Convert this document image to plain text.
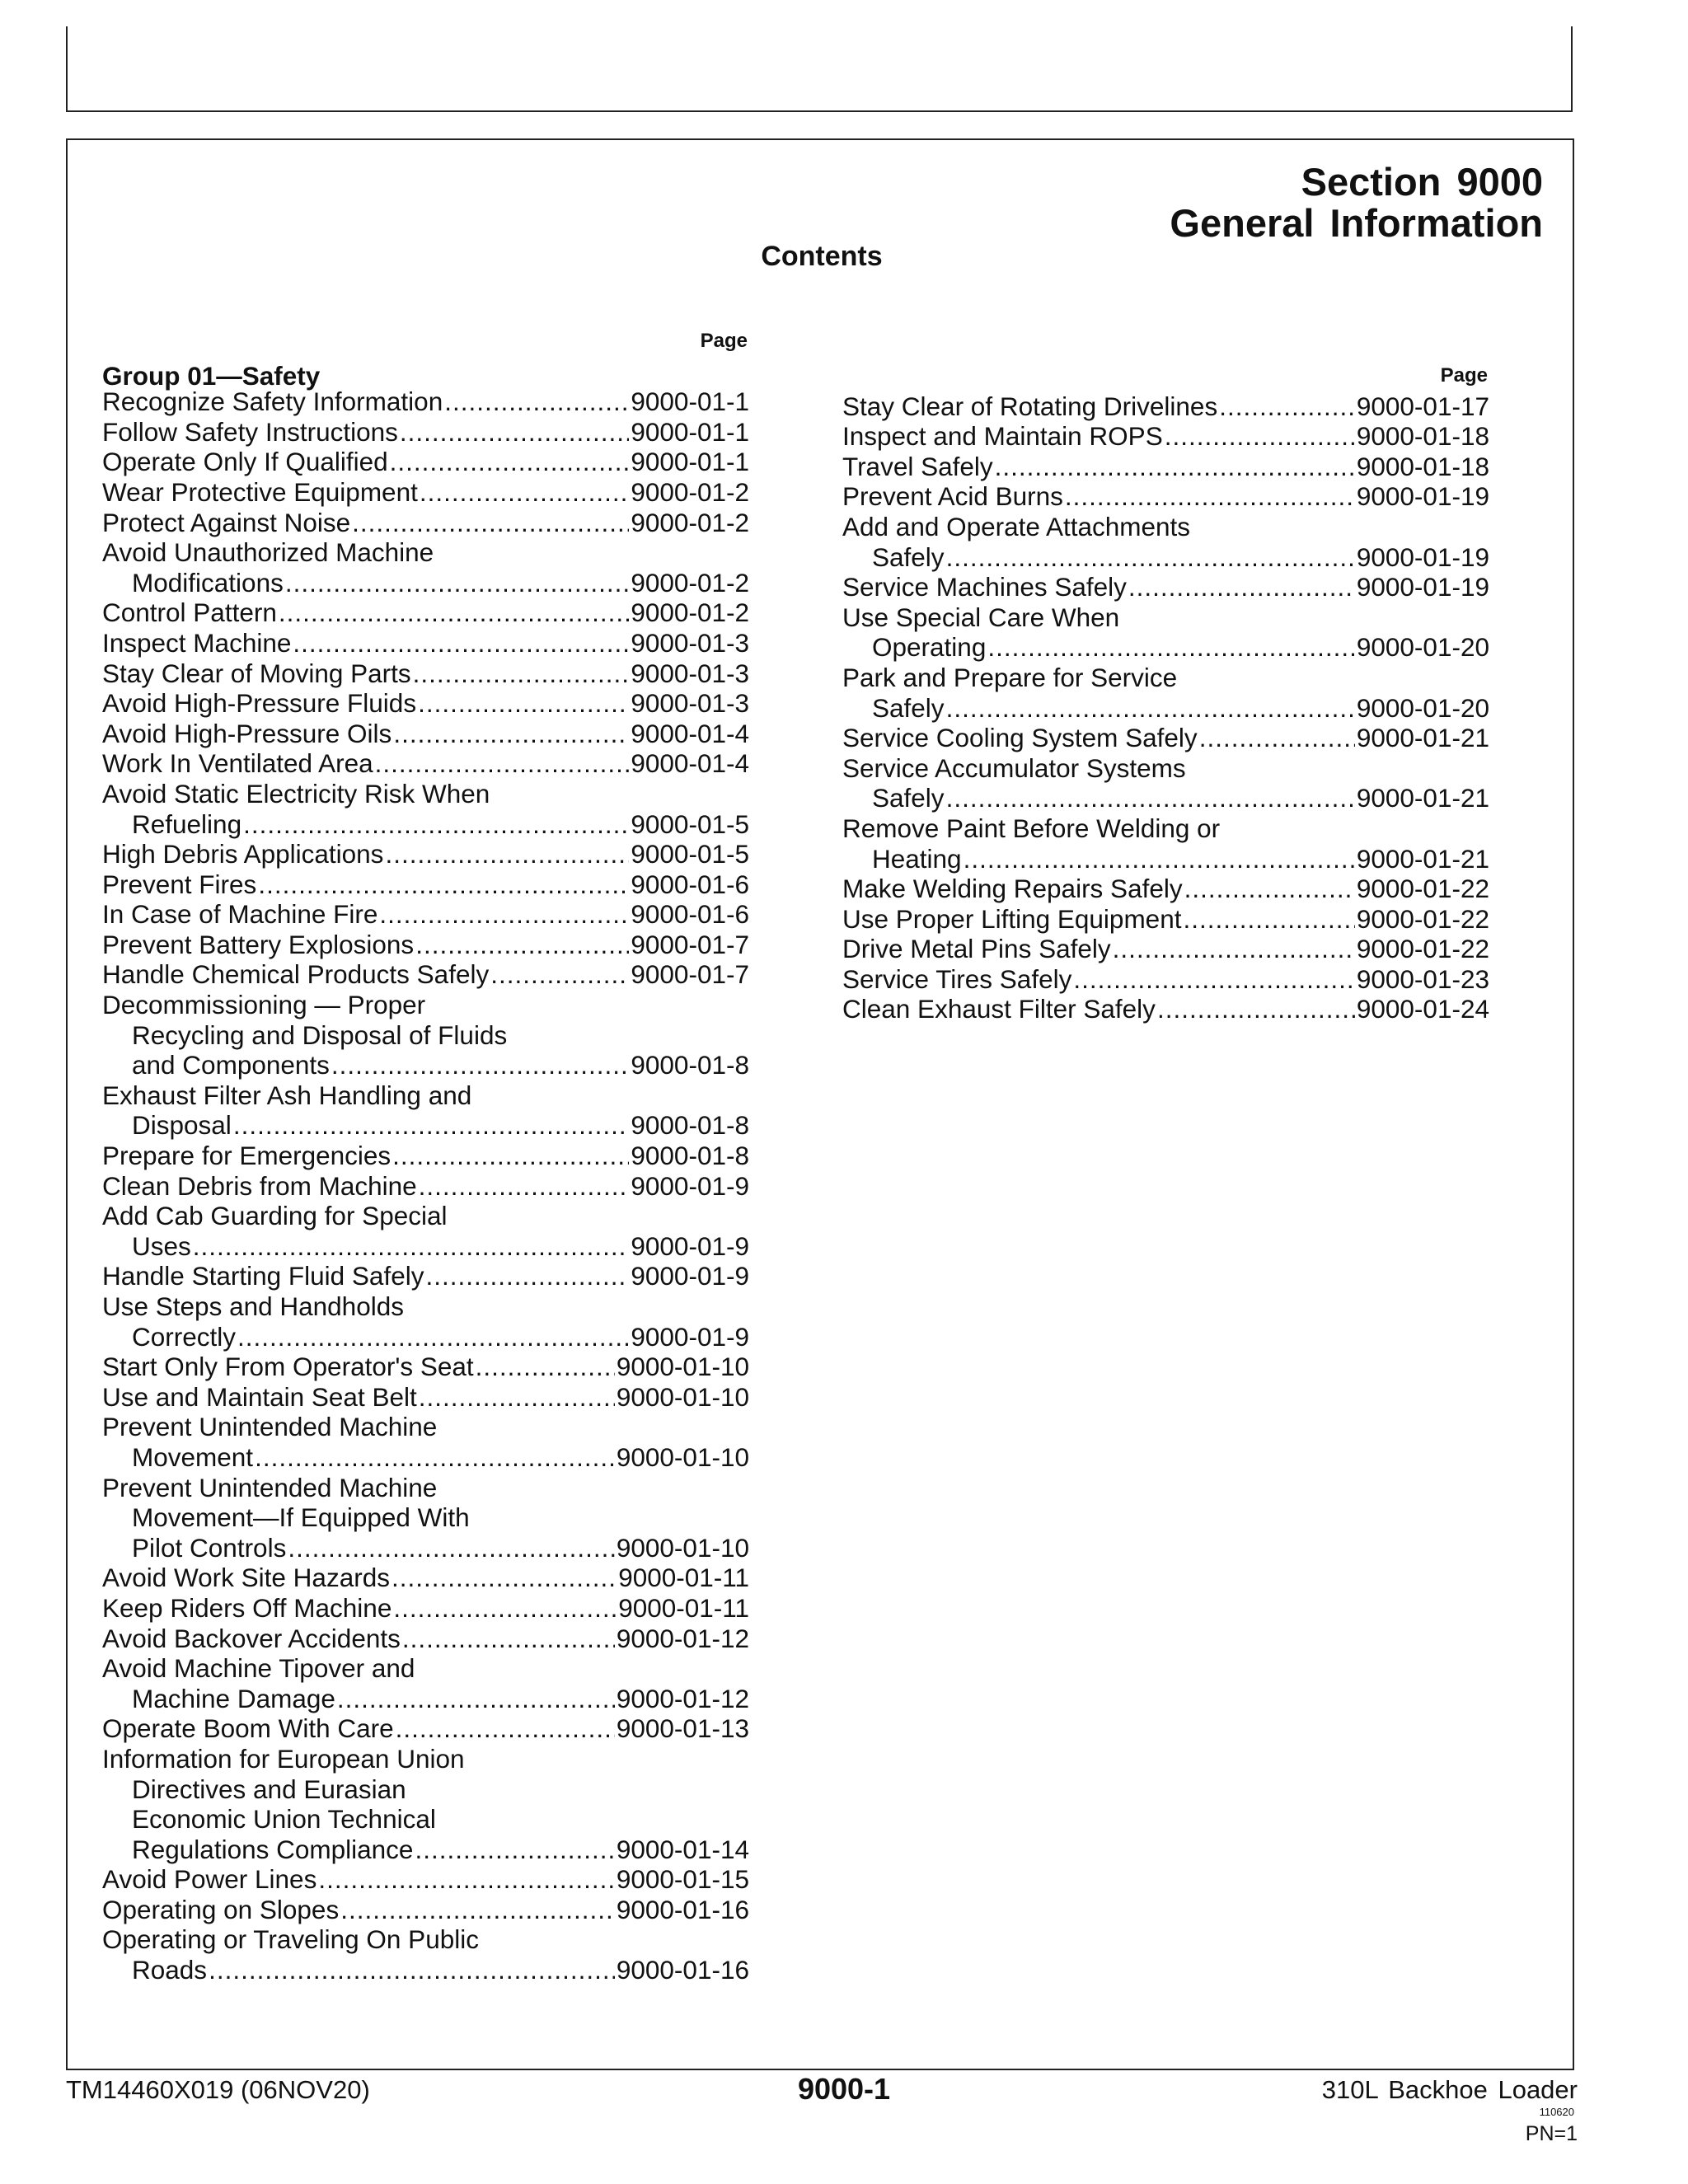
Section 9000
General Information
Contents
Page
Group 01—Safety
Recognize Safety Information .....	9000-01-1
Follow Safety Instructions .....	9000-01-1
Operate Only If Qualified .....	9000-01-1
Wear Protective Equipment .....	9000-01-2
Protect Against Noise .....	9000-01-2
Avoid Unauthorized Machine
Modifications .....	9000-01-2
Control Pattern .....	9000-01-2
Inspect Machine .....	9000-01-3
Stay Clear of Moving Parts .....	9000-01-3
Avoid High-Pressure Fluids .....	9000-01-3
Avoid High-Pressure Oils .....	9000-01-4
Work In Ventilated Area .....	9000-01-4
Avoid Static Electricity Risk When
Refueling .....	9000-01-5
High Debris Applications .....	9000-01-5
Prevent Fires .....	9000-01-6
In Case of Machine Fire .....	9000-01-6
Prevent Battery Explosions .....	9000-01-7
Handle Chemical Products Safely .....	9000-01-7
Decommissioning — Proper
Recycling and Disposal of Fluids
and Components .....	9000-01-8
Exhaust Filter Ash Handling and
Disposal .....	9000-01-8
Prepare for Emergencies .....	9000-01-8
Clean Debris from Machine .....	9000-01-9
Add Cab Guarding for Special
Uses .....	9000-01-9
Handle Starting Fluid Safely .....	9000-01-9
Use Steps and Handholds
Correctly .....	9000-01-9
Start Only From Operator's Seat .....	9000-01-10
Use and Maintain Seat Belt .....	9000-01-10
Prevent Unintended Machine
Movement .....	9000-01-10
Prevent Unintended Machine
Movement—If Equipped With
Pilot Controls .....	9000-01-10
Avoid Work Site Hazards .....	9000-01-11
Keep Riders Off Machine .....	9000-01-11
Avoid Backover Accidents .....	9000-01-12
Avoid Machine Tipover and
Machine Damage .....	9000-01-12
Operate Boom With Care .....	9000-01-13
Information for European Union
Directives and Eurasian
Economic Union Technical
Regulations Compliance .....	9000-01-14
Avoid Power Lines .....	9000-01-15
Operating on Slopes .....	9000-01-16
Operating or Traveling On Public
Roads .....	9000-01-16
Page
Stay Clear of Rotating Drivelines .....	9000-01-17
Inspect and Maintain ROPS .....	9000-01-18
Travel Safely .....	9000-01-18
Prevent Acid Burns .....	9000-01-19
Add and Operate Attachments
Safely .....	9000-01-19
Service Machines Safely .....	9000-01-19
Use Special Care When
Operating .....	9000-01-20
Park and Prepare for Service
Safely .....	9000-01-20
Service Cooling System Safely .....	9000-01-21
Service Accumulator Systems
Safely .....	9000-01-21
Remove Paint Before Welding or
Heating .....	9000-01-21
Make Welding Repairs Safely .....	9000-01-22
Use Proper Lifting Equipment .....	9000-01-22
Drive Metal Pins Safely .....	9000-01-22
Service Tires Safely .....	9000-01-23
Clean Exhaust Filter Safely .....	9000-01-24
TM14460X019 (06NOV20)	9000-1	310L Backhoe Loader
110620
PN=1
